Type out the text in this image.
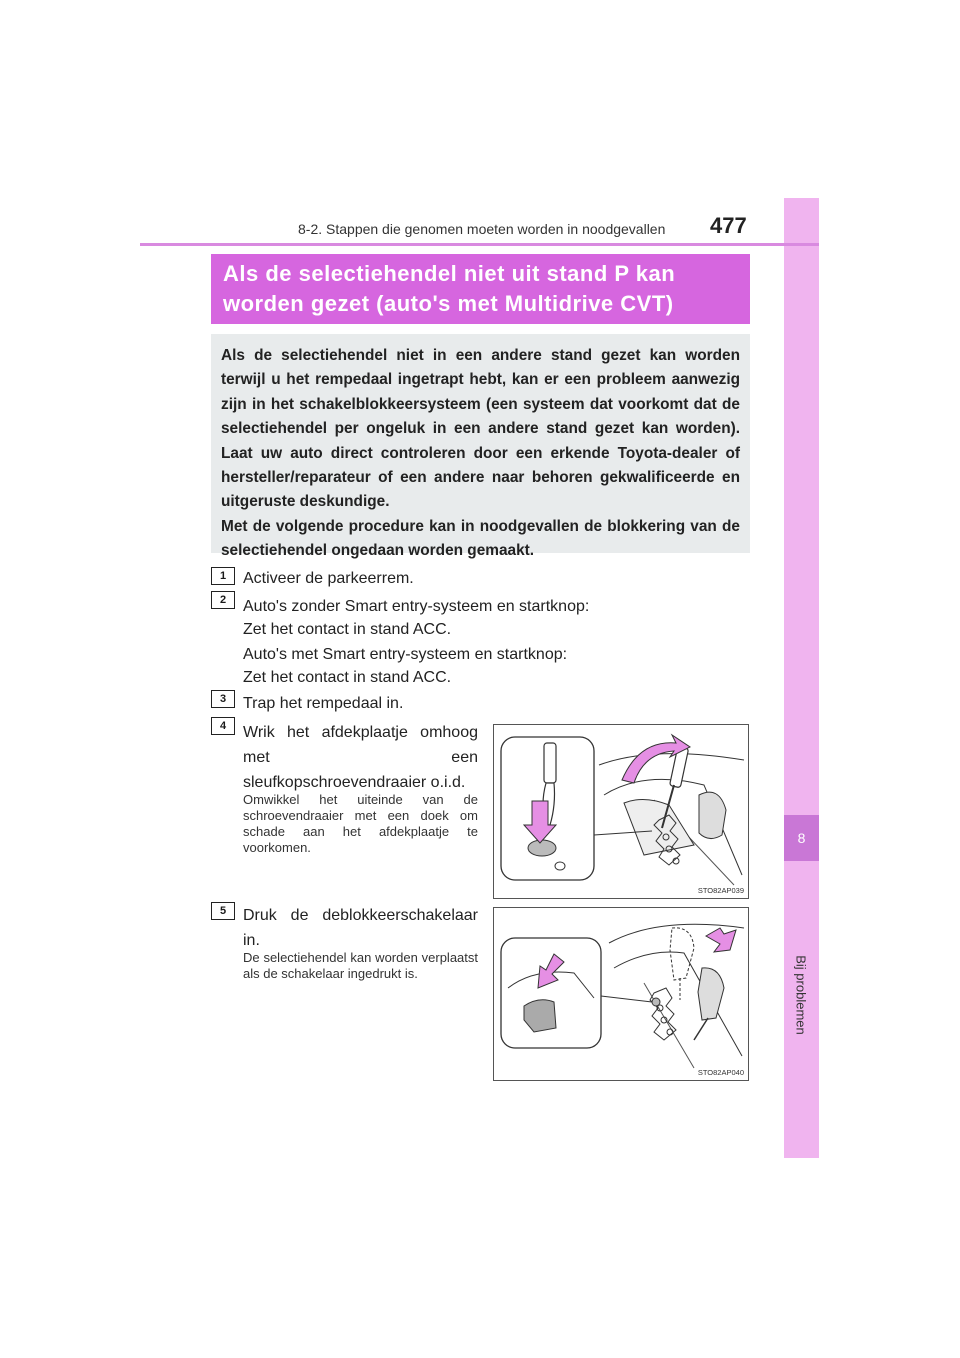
8
Bij problemen
8-2. Stappen die genomen moeten worden in noodgevallen 477
Als de selectiehendel niet uit stand P kan
worden gezet (auto's met Multidrive CVT)

Als de selectiehendel niet in een andere stand gezet kan worden terwijl u het rempedaal ingetrapt hebt, kan er een probleem aanwezig zijn in het schakelblokkeersysteem (een systeem dat voorkomt dat de selectiehendel per ongeluk in een andere stand gezet kan worden). Laat uw auto direct controleren door een erkende Toyota-dealer of hersteller/reparateur of een andere naar behoren gekwalificeerde en uitgeruste deskundige.

Met de volgende procedure kan in noodgevallen de blokkering van de selectiehendel ongedaan worden gemaakt.

1	Activeer de parkeerrem.
2	Auto's zonder Smart entry-systeem en startknop:
Zet het contact in stand ACC.
Auto's met Smart entry-systeem en startknop:
Zet het contact in stand ACC.
3	Trap het rempedaal in.
4	Wrik het afdekplaatje omhoog met een sleufkopschroevendraaier o.i.d.
Omwikkel het uiteinde van de schroevendraaier met een doek om schade aan het afdekplaatje te voorkomen.
STO82AP039
5	Druk de deblokkeerschakelaar in.
De selectiehendel kan worden verplaatst als de schakelaar ingedrukt is.
STO82AP040
